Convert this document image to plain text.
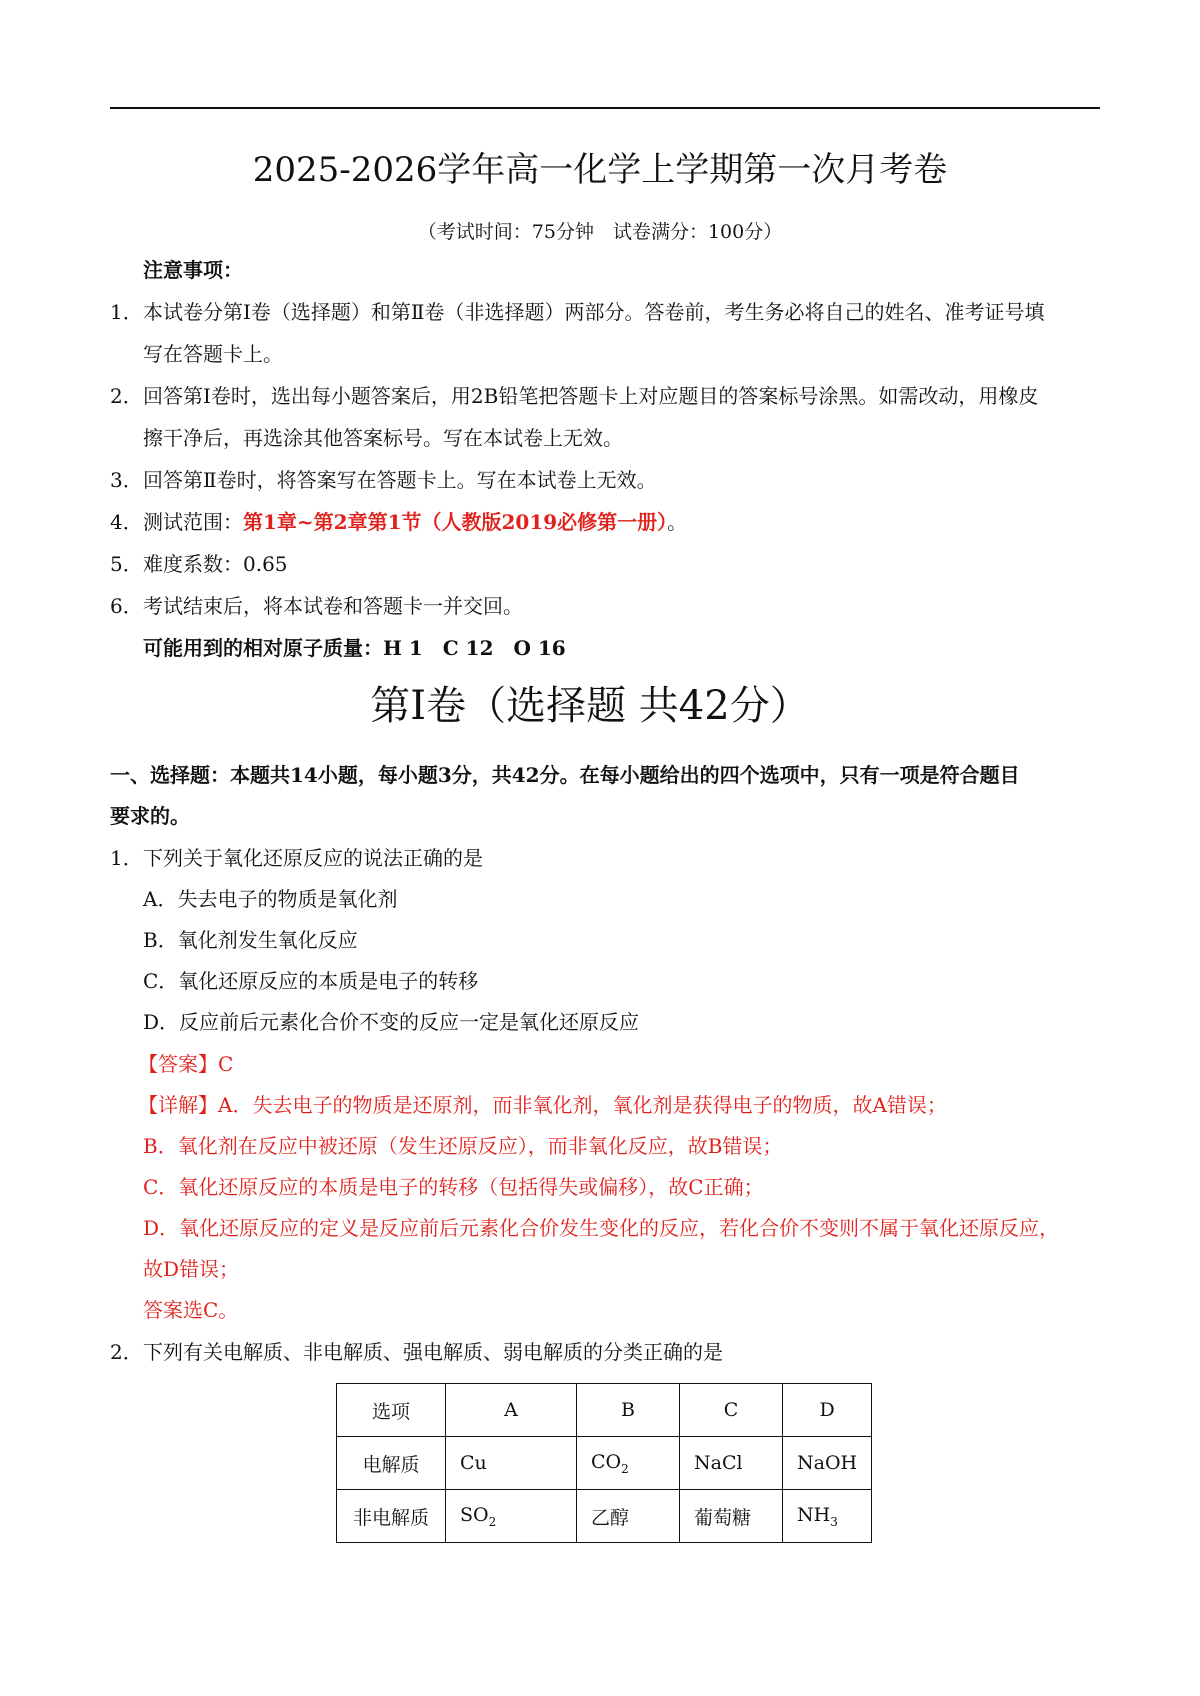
2025-2026学年高一化学上学期第一次月考卷
（考试时间：75分钟　试卷满分：100分）
注意事项：
1．本试卷分第Ⅰ卷（选择题）和第Ⅱ卷（非选择题）两部分。答卷前，考生务必将自己的姓名、准考证号填
写在答题卡上。
2．回答第Ⅰ卷时，选出每小题答案后，用2B铅笔把答题卡上对应题目的答案标号涂黑。如需改动，用橡皮
擦干净后，再选涂其他答案标号。写在本试卷上无效。
3．回答第Ⅱ卷时，将答案写在答题卡上。写在本试卷上无效。
4．测试范围：第1章~第2章第1节（人教版2019必修第一册）。
5．难度系数：0.65
6．考试结束后，将本试卷和答题卡一并交回。
可能用到的相对原子质量：H 1　C 12　O 16
第Ⅰ卷（选择题 共42分）
一、选择题：本题共14小题，每小题3分，共42分。在每小题给出的四个选项中，只有一项是符合题目
要求的。
1．下列关于氧化还原反应的说法正确的是
A．失去电子的物质是氧化剂
B．氧化剂发生氧化反应
C．氧化还原反应的本质是电子的转移
D．反应前后元素化合价不变的反应一定是氧化还原反应
【答案】C
【详解】A．失去电子的物质是还原剂，而非氧化剂，氧化剂是获得电子的物质，故A错误；
B．氧化剂在反应中被还原（发生还原反应），而非氧化反应，故B错误；
C．氧化还原反应的本质是电子的转移（包括得失或偏移），故C正确；
D．氧化还原反应的定义是反应前后元素化合价发生变化的反应，若化合价不变则不属于氧化还原反应，
故D错误；
答案选C。
2．下列有关电解质、非电解质、强电解质、弱电解质的分类正确的是
选项	A	B	C	D
电解质	Cu	$CO_2$	NaCl	NaOH
非电解质	$SO_2$	乙醇	葡萄糖	$NH_3$
